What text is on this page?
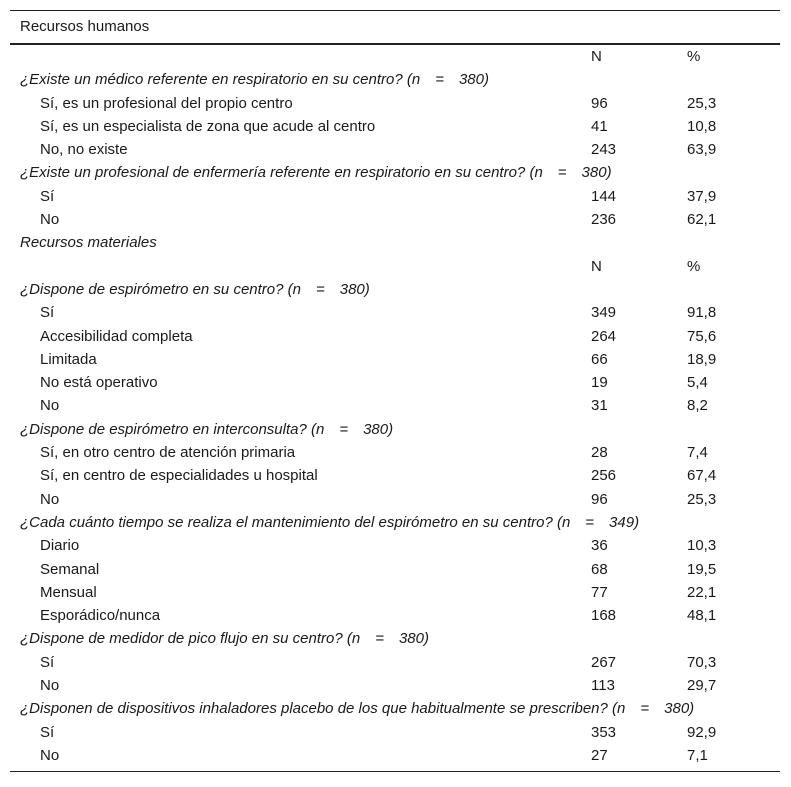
Recursos humanos
N	%
¿Existe un médico referente en respiratorio en su centro? (n = 380)
Sí, es un profesional del propio centro	96	25,3
Sí, es un especialista de zona que acude al centro	41	10,8
No, no existe	243	63,9
¿Existe un profesional de enfermería referente en respiratorio en su centro? (n = 380)
Sí	144	37,9
No	236	62,1
Recursos materiales
N	%
¿Dispone de espirómetro en su centro? (n = 380)
Sí	349	91,8
Accesibilidad completa	264	75,6
Limitada	66	18,9
No está operativo	19	5,4
No	31	8,2
¿Dispone de espirómetro en interconsulta? (n = 380)
Sí, en otro centro de atención primaria	28	7,4
Sí, en centro de especialidades u hospital	256	67,4
No	96	25,3
¿Cada cuánto tiempo se realiza el mantenimiento del espirómetro en su centro? (n = 349)
Diario	36	10,3
Semanal	68	19,5
Mensual	77	22,1
Esporádico/nunca	168	48,1
¿Dispone de medidor de pico flujo en su centro? (n = 380)
Sí	267	70,3
No	113	29,7
¿Disponen de dispositivos inhaladores placebo de los que habitualmente se prescriben? (n = 380)
Sí	353	92,9
No	27	7,1
